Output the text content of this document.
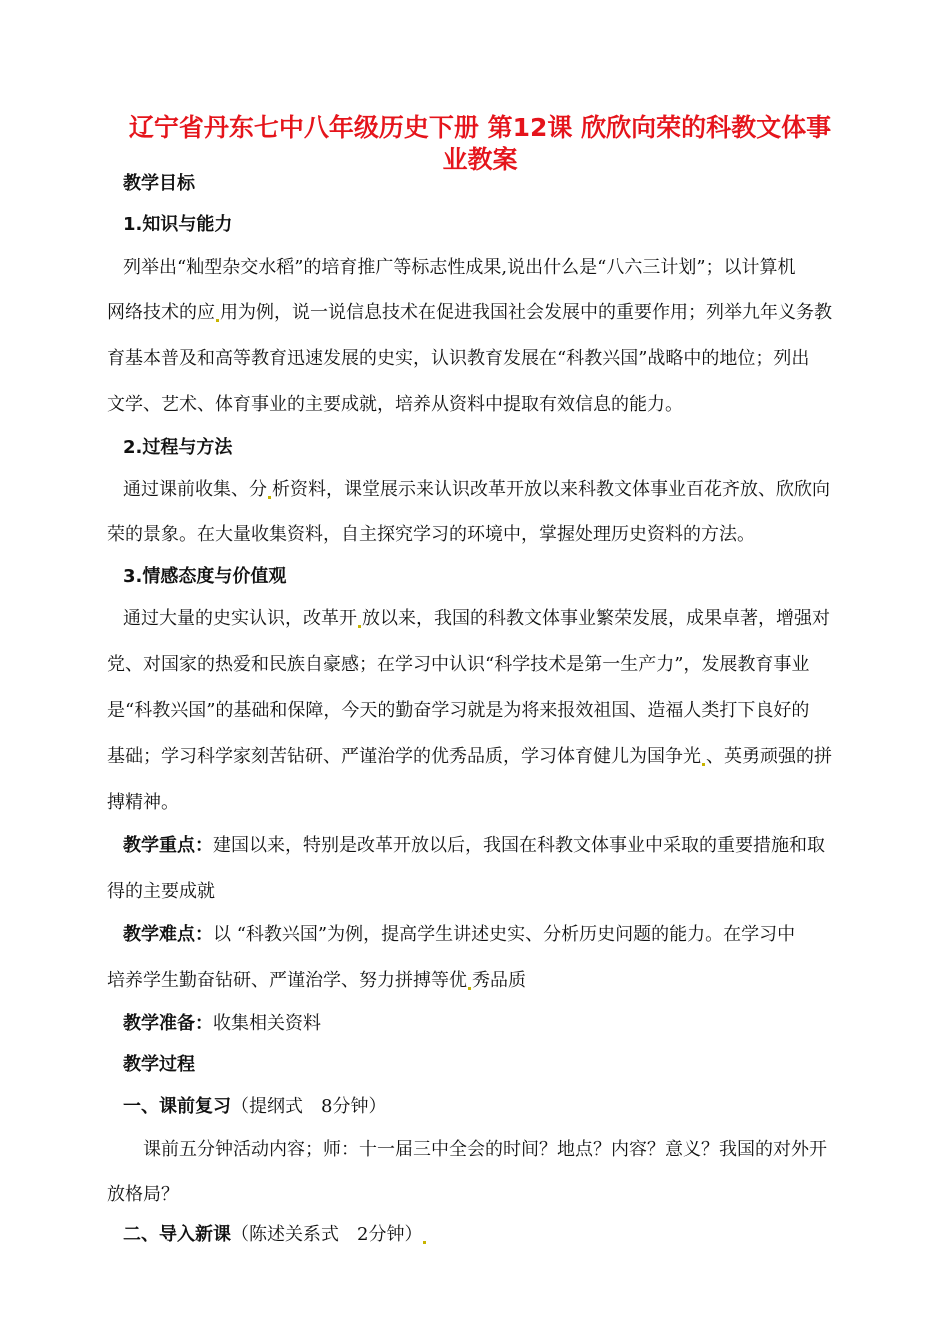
辽宁省丹东七中八年级历史下册 第12课 欣欣向荣的科教文体事
业教案
教学目标
1.知识与能力
列举出“籼型杂交水稻”的培育推广等标志性成果,说出什么是“八六三计划”；以计算机
网络技术的应 用为例，说一说信息技术在促进我国社会发展中的重要作用；列举九年义务教
育基本普及和高等教育迅速发展的史实，认识教育发展在“科教兴国”战略中的地位；列出
文学、艺术、体育事业的主要成就，培养从资料中提取有效信息的能力。
2.过程与方法
通过课前收集、分 析资料，课堂展示来认识改革开放以来科教文体事业百花齐放、欣欣向
荣的景象。在大量收集资料，自主探究学习的环境中，掌握处理历史资料的方法。
3.情感态度与价值观
通过大量的史实认识，改革开 放以来，我国的科教文体事业繁荣发展，成果卓著，增强对
党、对国家的热爱和民族自豪感；在学习中认识“科学技术是第一生产力”，发展教育事业
是“科教兴国”的基础和保障，今天的勤奋学习就是为将来报效祖国、造福人类打下良好的
基础；学习科学家刻苦钻研、严谨治学的优秀品质，学习体育健儿为国争光 、英勇顽强的拼
搏精神。
教学重点：建国以来，特别是改革开放以后，我国在科教文体事业中采取的重要措施和取
得的主要成就
教学难点：以 “科教兴国”为例，提高学生讲述史实、分析历史问题的能力。在学习中
培养学生勤奋钻研、严谨治学、努力拼搏等优 秀品质
教学准备：收集相关资料
教学过程
一、课前复习（提纲式　8分钟）
课前五分钟活动内容；师：十一届三中全会的时间？地点？内容？意义？我国的对外开
放格局？
二、导入新课（陈述关系式　2分钟）
